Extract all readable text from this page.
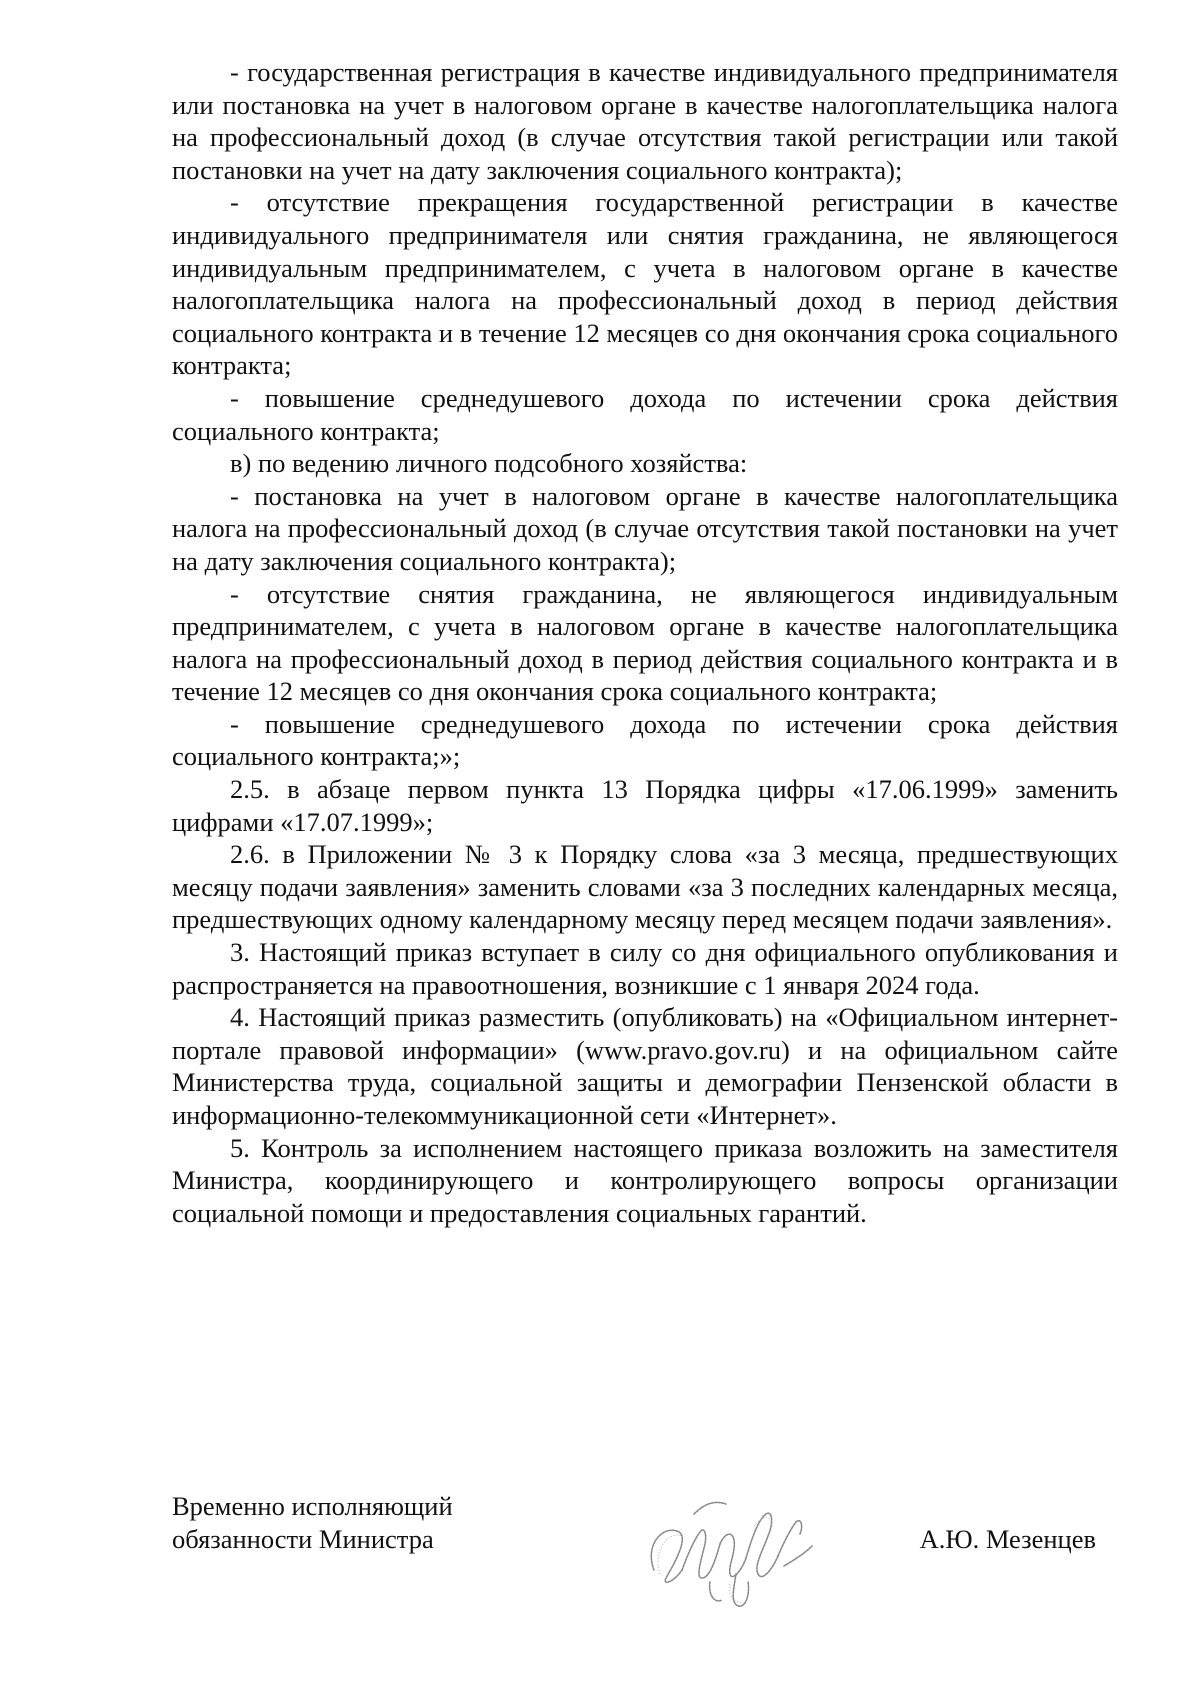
- государственная регистрация в качестве индивидуального предпринимателя или постановка на учет в налоговом органе в качестве налогоплательщика налога на профессиональный доход (в случае отсутствия такой регистрации или такой постановки на учет на дату заключения социального контракта);

- отсутствие прекращения государственной регистрации в качестве индивидуального предпринимателя или снятия гражданина, не являющегося индивидуальным предпринимателем, с учета в налоговом органе в качестве налогоплательщика налога на профессиональный доход в период действия социального контракта и в течение 12 месяцев со дня окончания срока социального контракта;

- повышение среднедушевого дохода по истечении срока действия социального контракта;

в) по ведению личного подсобного хозяйства:

- постановка на учет в налоговом органе в качестве налогоплательщика налога на профессиональный доход (в случае отсутствия такой постановки на учет на дату заключения социального контракта);

- отсутствие снятия гражданина, не являющегося индивидуальным предпринимателем, с учета в налоговом органе в качестве налогоплательщика налога на профессиональный доход в период действия социального контракта и в течение 12 месяцев со дня окончания срока социального контракта;

- повышение среднедушевого дохода по истечении срока действия социального контракта;»;

2.5. в абзаце первом пункта 13 Порядка цифры «17.06.1999» заменить цифрами «17.07.1999»;

2.6. в Приложении № 3 к Порядку слова «за 3 месяца, предшествующих месяцу подачи заявления» заменить словами «за 3 последних календарных месяца, предшествующих одному календарному месяцу перед месяцем подачи заявления».

3. Настоящий приказ вступает в силу со дня официального опубликования и распространяется на правоотношения, возникшие с 1 января 2024 года.

4. Настоящий приказ разместить (опубликовать) на «Официальном интернет-портале правовой информации» (www.pravo.gov.ru) и на официальном сайте Министерства труда, социальной защиты и демографии Пензенской области в информационно-телекоммуникационной сети «Интернет».

5. Контроль за исполнением настоящего приказа возложить на заместителя Министра, координирующего и контролирующего вопросы организации социальной помощи и предоставления социальных гарантий.

Временно исполняющий
обязанности Министра	А.Ю. Мезенцев
